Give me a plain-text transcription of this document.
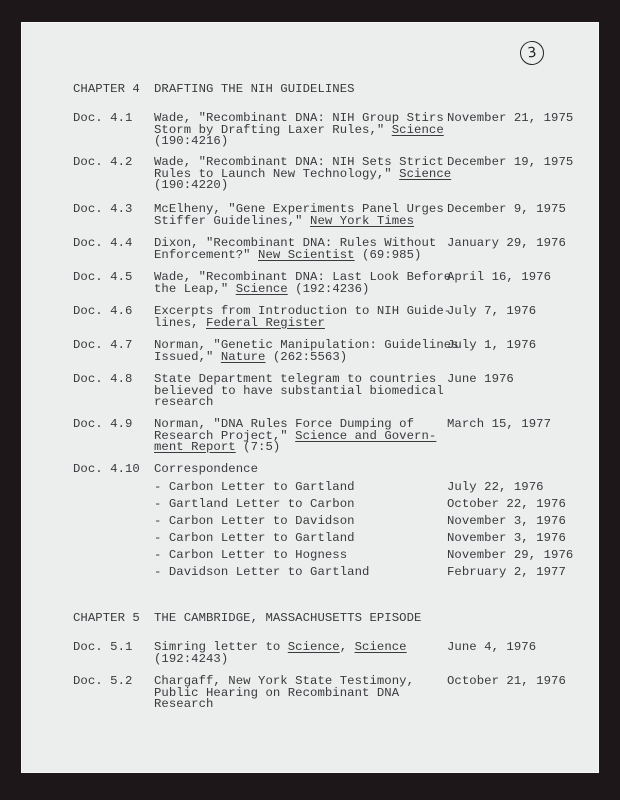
3
CHAPTER 4 DRAFTING THE NIH GUIDELINES
Doc. 4.1 Wade, "Recombinant DNA: NIH Group Stirs
Storm by Drafting Laxer Rules," Science
(190:4216)
November 21, 1975
Doc. 4.2 Wade, "Recombinant DNA: NIH Sets Strict
Rules to Launch New Technology," Science
(190:4220)
December 19, 1975
Doc. 4.3 McElheny, "Gene Experiments Panel Urges
Stiffer Guidelines," New York Times
December 9, 1975
Doc. 4.4 Dixon, "Recombinant DNA: Rules Without
Enforcement?" New Scientist (69:985)
January 29, 1976
Doc. 4.5 Wade, "Recombinant DNA: Last Look Before
the Leap," Science (192:4236)
April 16, 1976
Doc. 4.6 Excerpts from Introduction to NIH Guide-
lines, Federal Register
July 7, 1976
Doc. 4.7 Norman, "Genetic Manipulation: Guidelines
Issued," Nature (262:5563)
July 1, 1976
Doc. 4.8 State Department telegram to countries
believed to have substantial biomedical
research
June 1976
Doc. 4.9 Norman, "DNA Rules Force Dumping of
Research Project," Science and Govern-
ment Report (7:5)
March 15, 1977
Doc. 4.10 Correspondence
- Carbon Letter to Gartland	July 22, 1976
- Gartland Letter to Carbon	October 22, 1976
- Carbon Letter to Davidson	November 3, 1976
- Carbon Letter to Gartland	November 3, 1976
- Carbon Letter to Hogness	November 29, 1976
- Davidson Letter to Gartland	February 2, 1977
CHAPTER 5 THE CAMBRIDGE, MASSACHUSETTS EPISODE
Doc. 5.1 Simring letter to Science, Science
(192:4243)
June 4, 1976
Doc. 5.2 Chargaff, New York State Testimony,
Public Hearing on Recombinant DNA
Research
October 21, 1976
